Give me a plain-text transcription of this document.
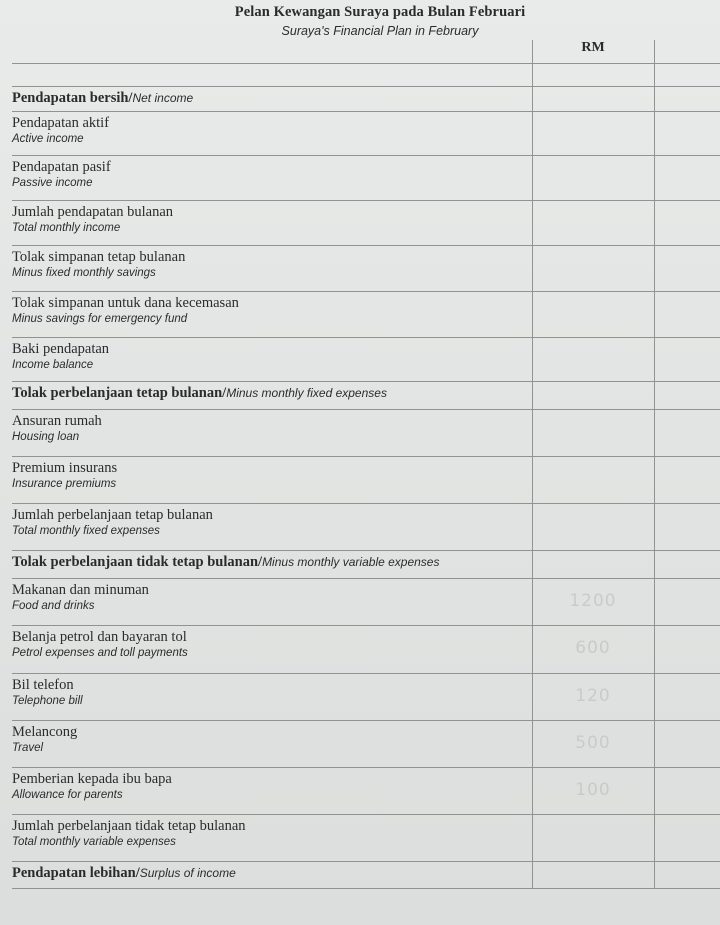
Pelan Kewangan Suraya pada Bulan Februari
Suraya's Financial Plan in February
	RM	

Pendapatan bersih/Net income		

Pendapatan aktif
Active income		

Pendapatan pasif
Passive income		

Jumlah pendapatan bulanan
Total monthly income		

Tolak simpanan tetap bulanan
Minus fixed monthly savings		

Tolak simpanan untuk dana kecemasan
Minus savings for emergency fund		

Baki pendapatan
Income balance		

Tolak perbelanjaan tetap bulanan/Minus monthly fixed expenses		

Ansuran rumah
Housing loan		

Premium insurans
Insurance premiums		

Jumlah perbelanjaan tetap bulanan
Total monthly fixed expenses		

Tolak perbelanjaan tidak tetap bulanan/Minus monthly variable expenses		

Makanan dan minuman
Food and drinks	1200	

Belanja petrol dan bayaran tol
Petrol expenses and toll payments	600	

Bil telefon
Telephone bill	120	

Melancong
Travel	500	

Pemberian kepada ibu bapa
Allowance for parents	100	

Jumlah perbelanjaan tidak tetap bulanan
Total monthly variable expenses		

Pendapatan lebihan/Surplus of income		
